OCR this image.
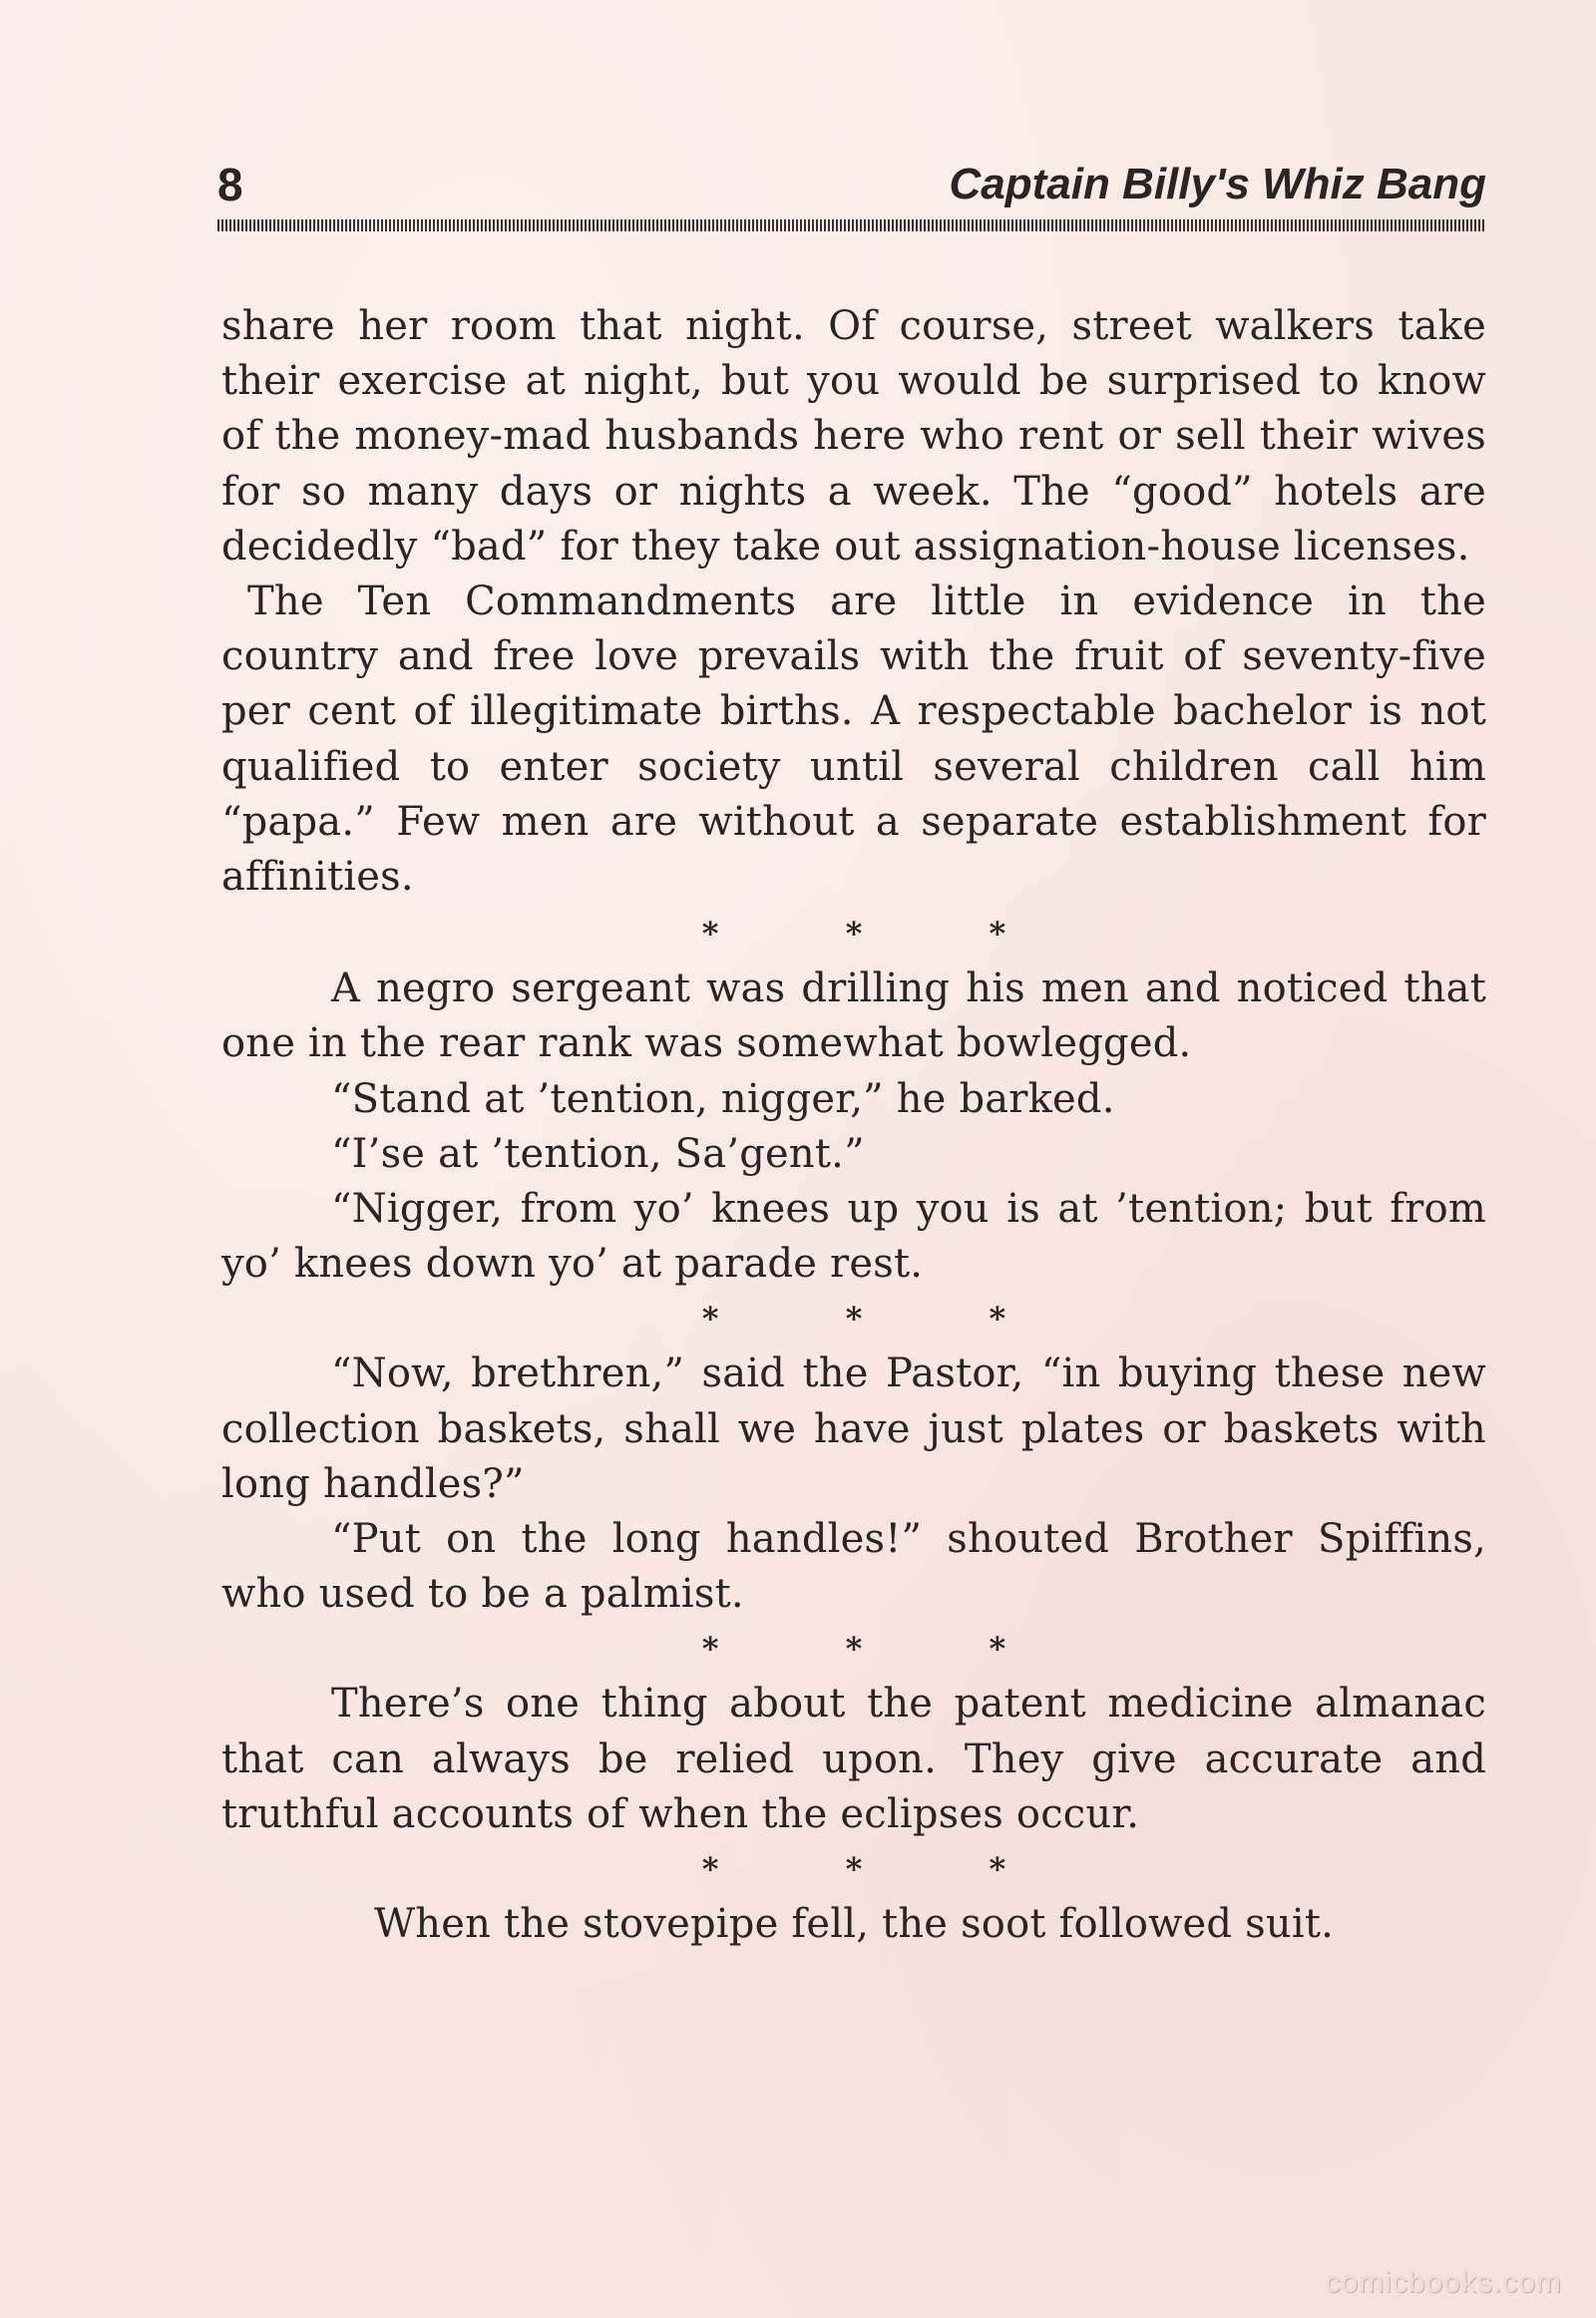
8	Captain Billy's Whiz Bang

share her room that night. Of course, street walkers take their exercise at night, but you would be surprised to know of the money-mad husbands here who rent or sell their wives for so many days or nights a week. The “good” hotels are decidedly “bad” for they take out assignation-house licenses.

The Ten Commandments are little in evidence in the country and free love prevails with the fruit of seventy-five per cent of illegitimate births. A respectable bachelor is not qualified to enter society until several children call him “papa.” Few men are without a separate establishment for affinities.

* * *

A negro sergeant was drilling his men and noticed that one in the rear rank was somewhat bowlegged.

“Stand at ’tention, nigger,” he barked.

“I’se at ’tention, Sa’gent.”

“Nigger, from yo’ knees up you is at ’tention; but from yo’ knees down yo’ at parade rest.

* * *

“Now, brethren,” said the Pastor, “in buying these new collection baskets, shall we have just plates or baskets with long handles?”

“Put on the long handles!” shouted Brother Spiffins, who used to be a palmist.

* * *

There’s one thing about the patent medicine almanac that can always be relied upon. They give accurate and truthful accounts of when the eclipses occur.

* * *

When the stovepipe fell, the soot followed suit.

comicbooks.com
